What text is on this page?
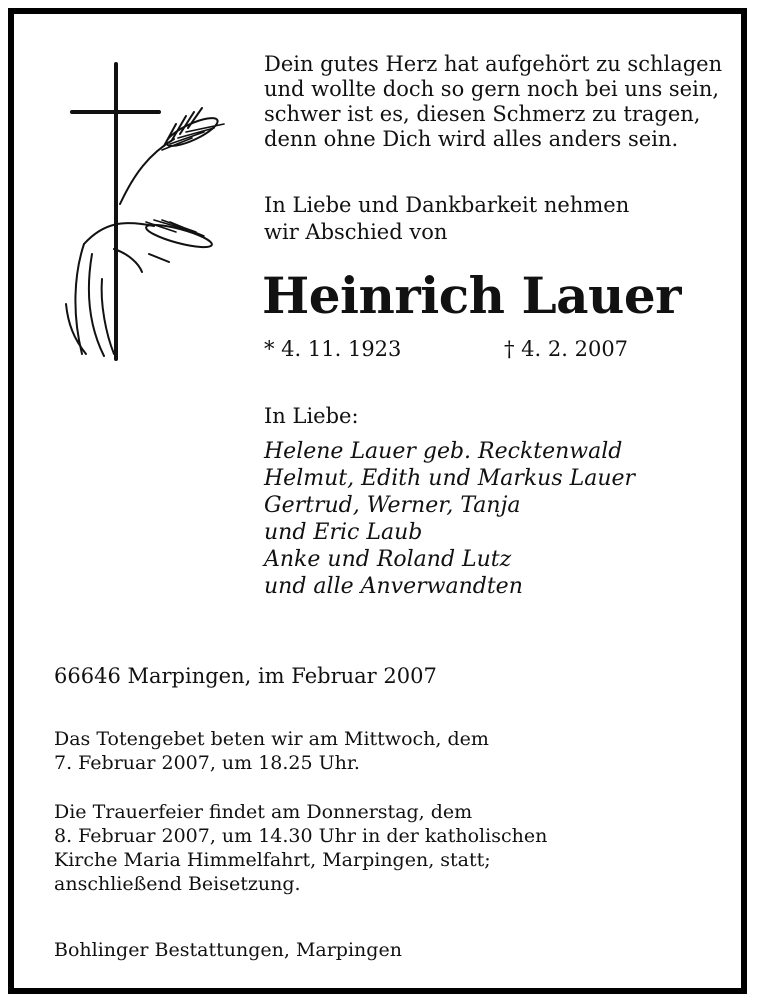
Dein gutes Herz hat aufgehört zu schlagen
und wollte doch so gern noch bei uns sein,
schwer ist es, diesen Schmerz zu tragen,
denn ohne Dich wird alles anders sein.
In Liebe und Dankbarkeit nehmen
wir Abschied von
Heinrich Lauer
* 4. 11. 1923	† 4. 2. 2007
In Liebe:
Helene Lauer geb. Recktenwald
Helmut, Edith und Markus Lauer
Gertrud, Werner, Tanja
und Eric Laub
Anke und Roland Lutz
und alle Anverwandten
66646 Marpingen, im Februar 2007
Das Totengebet beten wir am Mittwoch, dem
7. Februar 2007, um 18.25 Uhr.
Die Trauerfeier findet am Donnerstag, dem
8. Februar 2007, um 14.30 Uhr in der katholischen
Kirche Maria Himmelfahrt, Marpingen, statt;
anschließend Beisetzung.
Bohlinger Bestattungen, Marpingen
